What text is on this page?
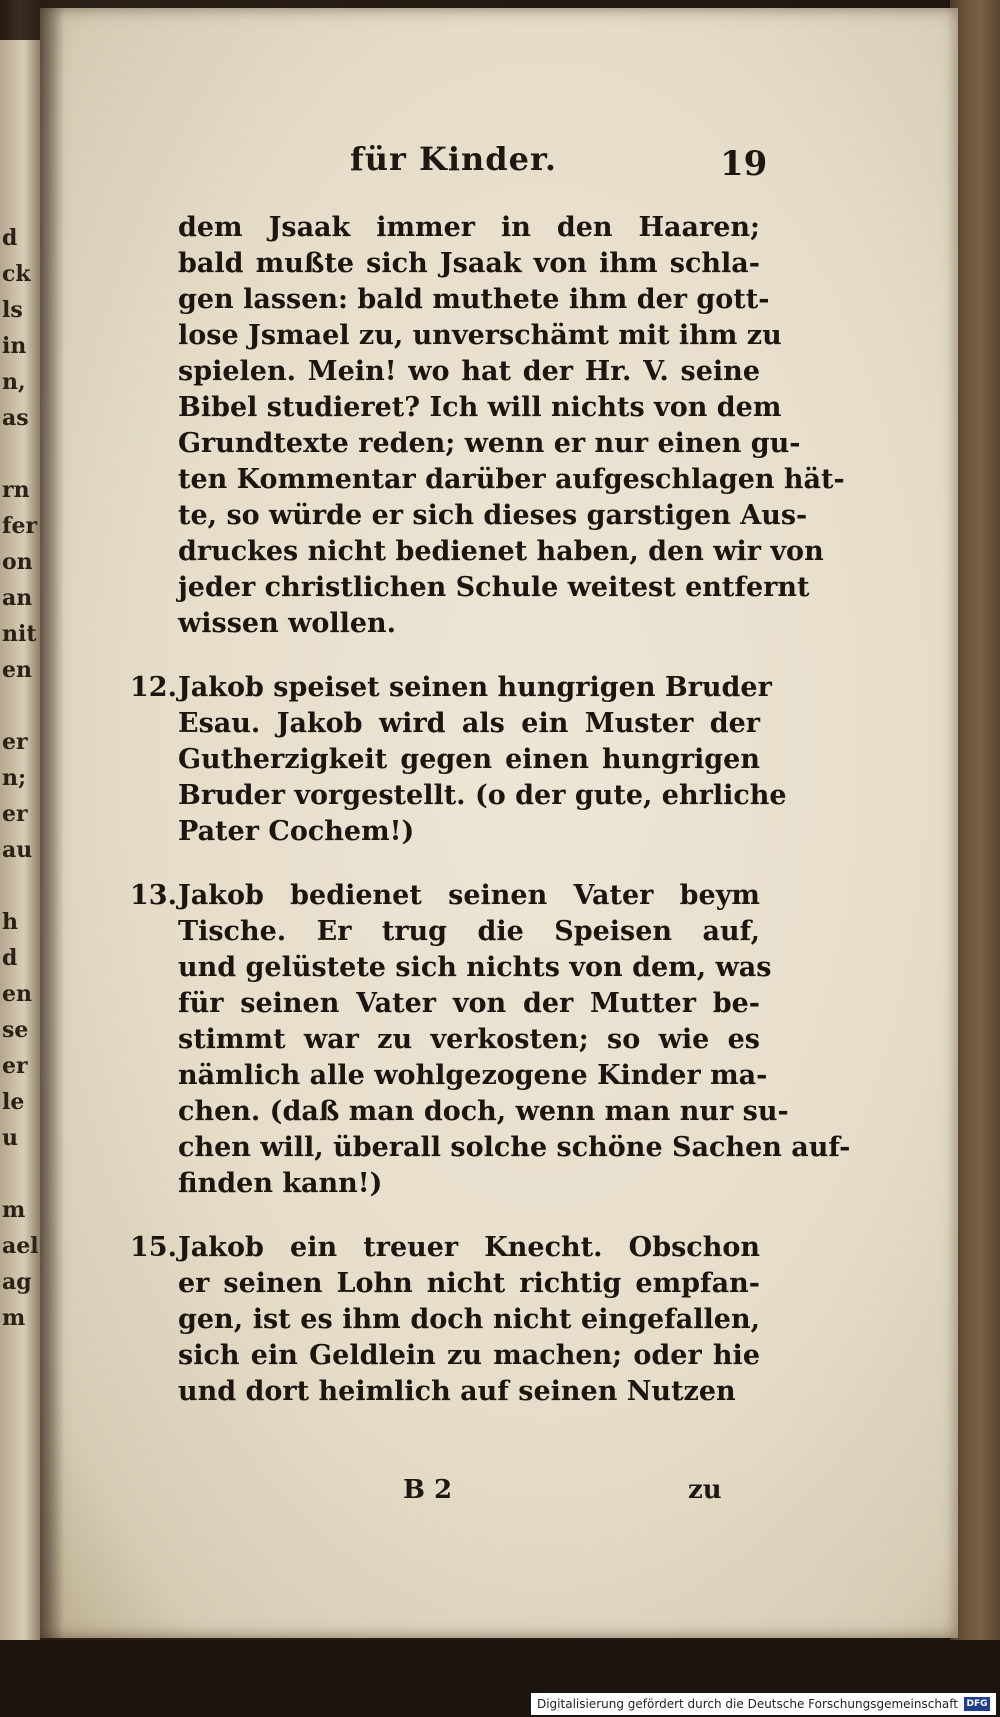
d
ck
ls
in
n,
as
rn
fer
on
an
nit
en
er
n;
er
au
h
d
en
se
er
le
u
m
ael
ag
m
für Kinder.	19
dem Jsaak immer in den Haaren;
bald mußte sich Jsaak von ihm schla-
gen lassen: bald muthete ihm der gott-
lose Jsmael zu, unverschämt mit ihm zu
spielen. Mein! wo hat der Hr. V. seine
Bibel studieret? Ich will nichts von dem
Grundtexte reden; wenn er nur einen gu-
ten Kommentar darüber aufgeschlagen hät-
te, so würde er sich dieses garstigen Aus-
druckes nicht bedienet haben, den wir von
jeder christlichen Schule weitest entfernt
wissen wollen.
12.Jakob speiset seinen hungrigen Bruder
Esau. Jakob wird als ein Muster der
Gutherzigkeit gegen einen hungrigen
Bruder vorgestellt. (o der gute, ehrliche
Pater Cochem!)
13.Jakob bedienet seinen Vater beym
Tische. Er trug die Speisen auf,
und gelüstete sich nichts von dem, was
für seinen Vater von der Mutter be-
stimmt war zu verkosten; so wie es
nämlich alle wohlgezogene Kinder ma-
chen. (daß man doch, wenn man nur su-
chen will, überall solche schöne Sachen auf-
finden kann!)
15.Jakob ein treuer Knecht. Obschon
er seinen Lohn nicht richtig empfan-
gen, ist es ihm doch nicht eingefallen,
sich ein Geldlein zu machen; oder hie
und dort heimlich auf seinen Nutzen
B 2	zu
Digitalisierung gefördert durch die Deutsche Forschungsgemeinschaft DFG
